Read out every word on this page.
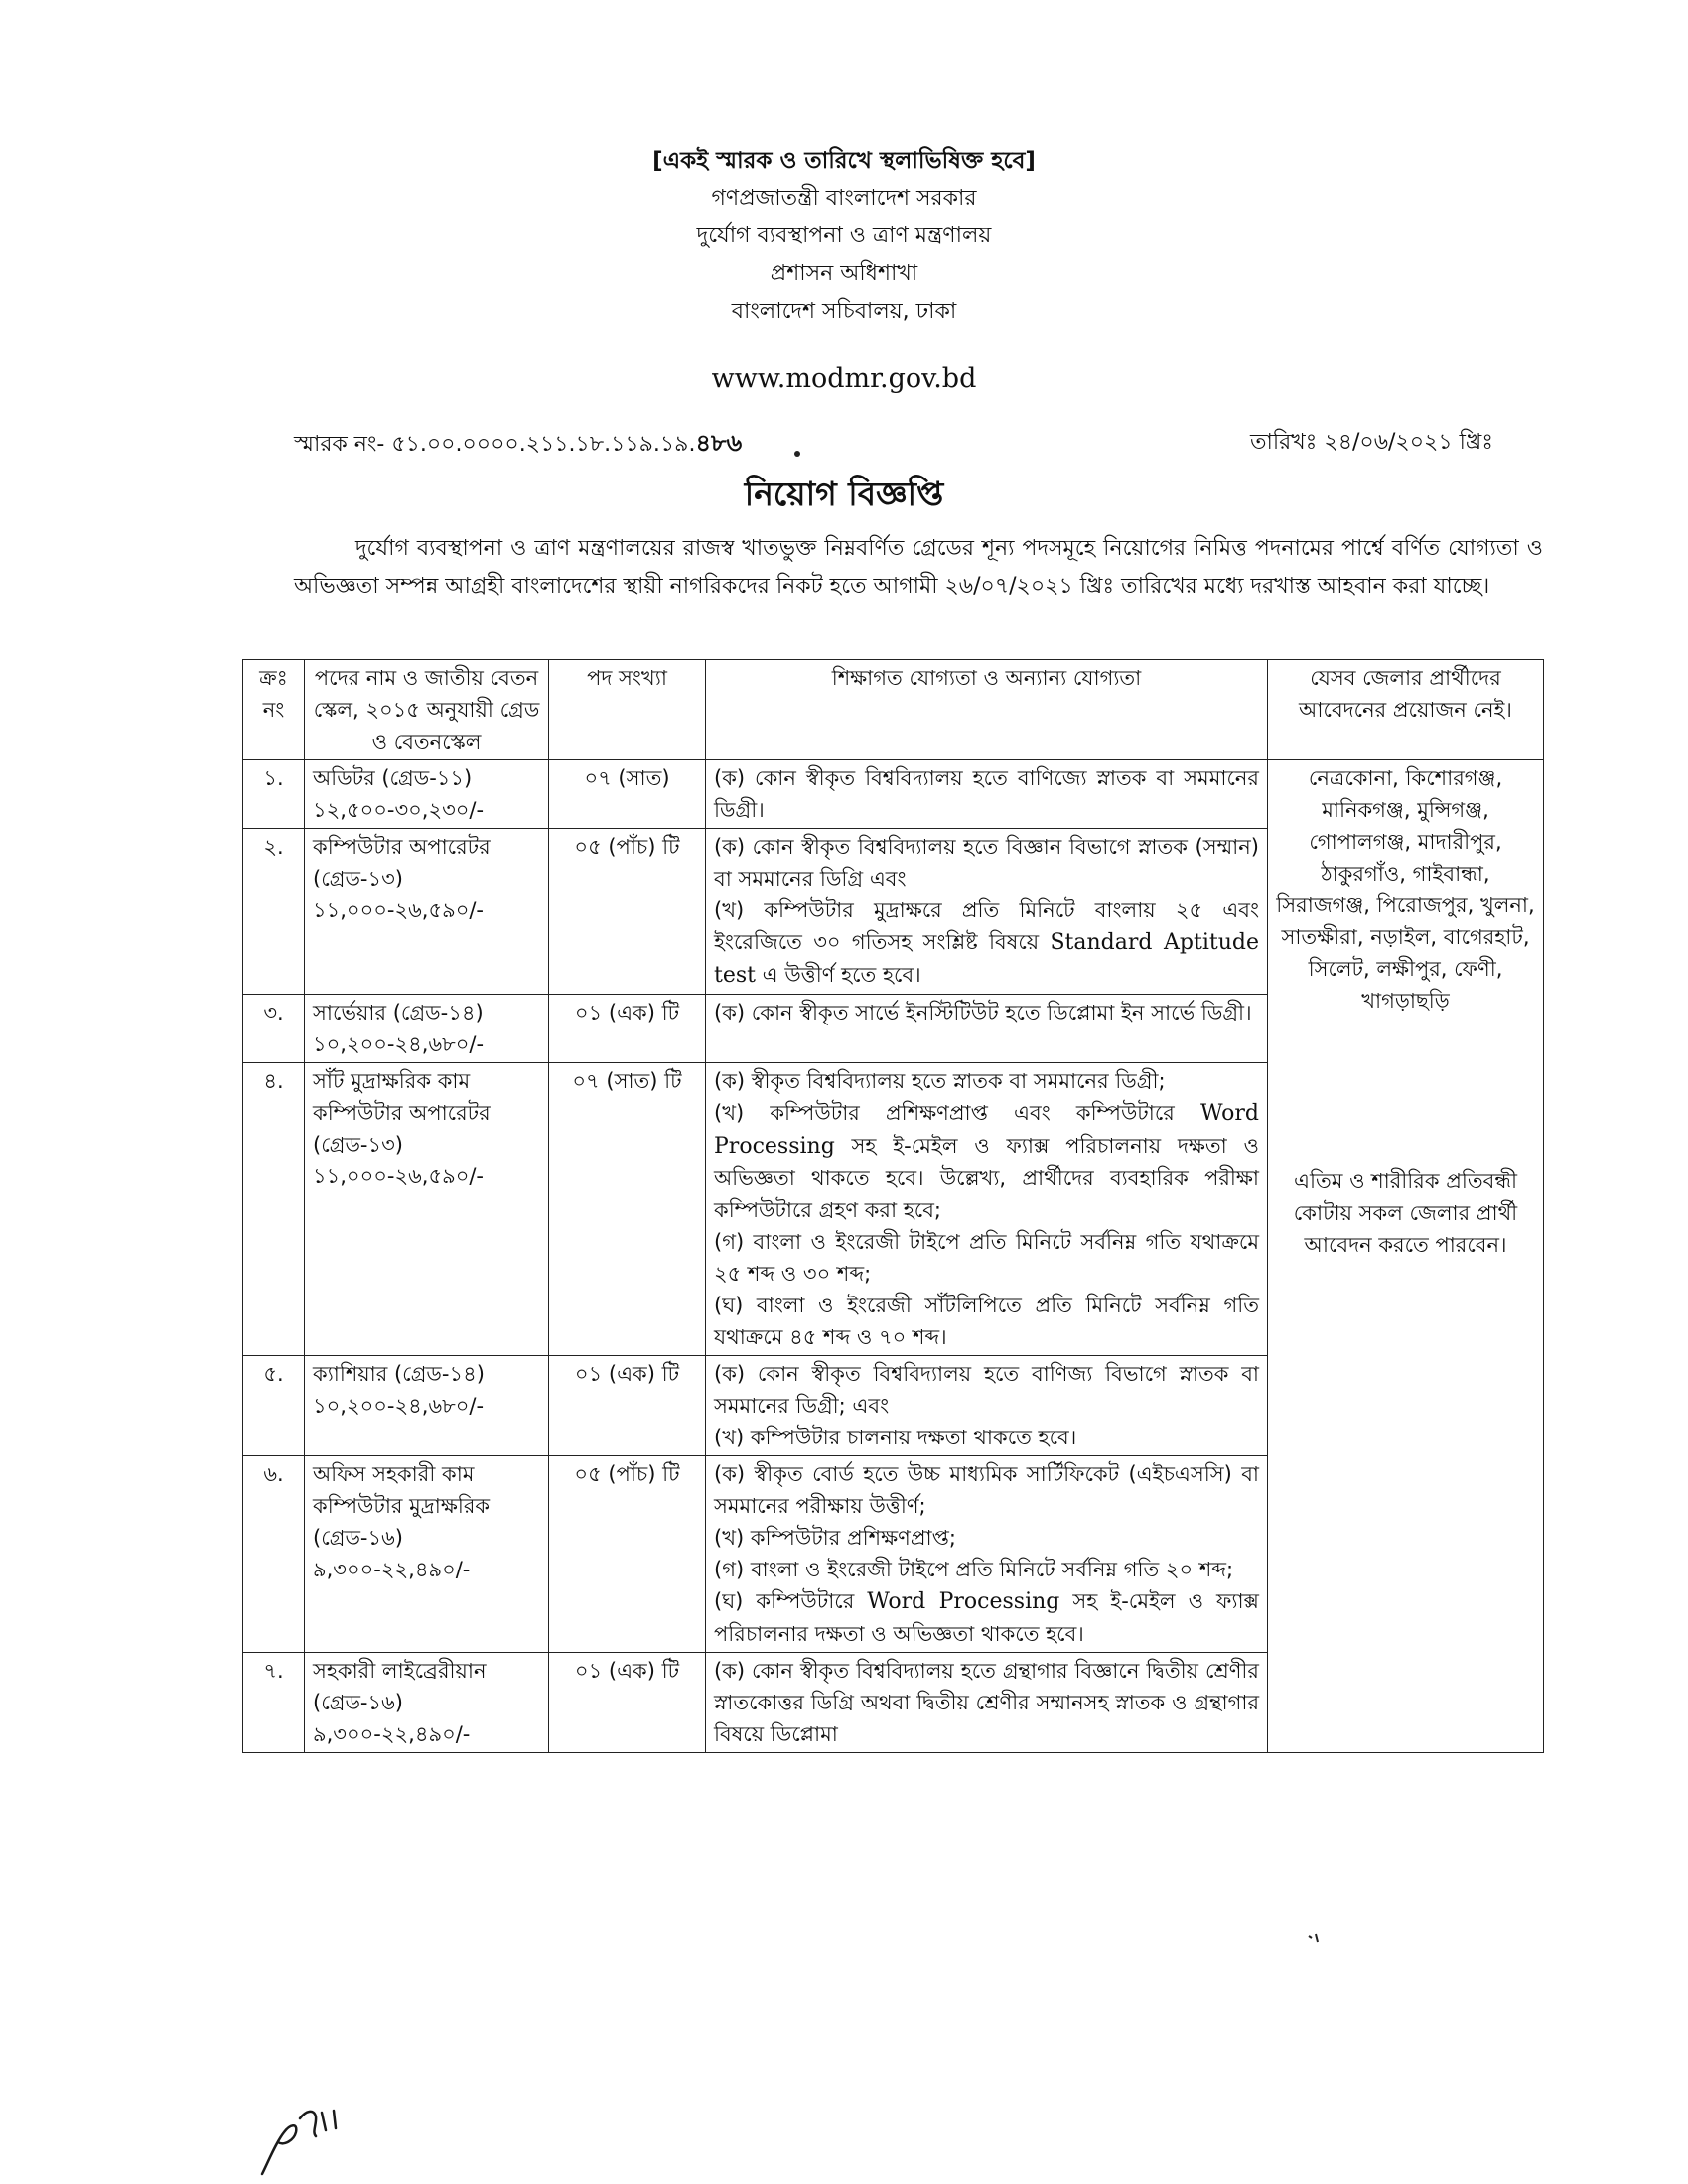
[একই স্মারক ও তারিখে স্থলাভিষিক্ত হবে]
গণপ্রজাতন্ত্রী বাংলাদেশ সরকার
দুর্যোগ ব্যবস্থাপনা ও ত্রাণ মন্ত্রণালয়
প্রশাসন অধিশাখা
বাংলাদেশ সচিবালয়, ঢাকা
www.modmr.gov.bd
স্মারক নং- ৫১.০০.০০০০.২১১.১৮.১১৯.১৯.৪৮৬	তারিখঃ ২৪/০৬/২০২১ খ্রিঃ
নিয়োগ বিজ্ঞপ্তি

দুর্যোগ ব্যবস্থাপনা ও ত্রাণ মন্ত্রণালয়ের রাজস্ব খাতভুক্ত নিম্নবর্ণিত গ্রেডের শূন্য পদসমূহে নিয়োগের নিমিত্ত পদনামের পার্শ্বে বর্ণিত যোগ্যতা ও অভিজ্ঞতা সম্পন্ন আগ্রহী বাংলাদেশের স্থায়ী নাগরিকদের নিকট হতে আগামী ২৬/০৭/২০২১ খ্রিঃ তারিখের মধ্যে দরখাস্ত আহবান করা যাচ্ছে।

ক্রঃ নং	পদের নাম ও জাতীয় বেতন স্কেল, ২০১৫ অনুযায়ী গ্রেড ও বেতনস্কেল	পদ সংখ্যা	শিক্ষাগত যোগ্যতা ও অন্যান্য যোগ্যতা	যেসব জেলার প্রার্থীদের আবেদনের প্রয়োজন নেই।
১.	অডিটর (গ্রেড-১১)
১২,৫০০-৩০,২৩০/-	০৭ (সাত)	(ক) কোন স্বীকৃত বিশ্ববিদ্যালয় হতে বাণিজ্যে স্নাতক বা সমমানের ডিগ্রী।	নেত্রকোনা, কিশোরগঞ্জ, মানিকগঞ্জ, মুন্সিগঞ্জ, গোপালগঞ্জ, মাদারীপুর, ঠাকুরগাঁও, গাইবান্ধা, সিরাজগঞ্জ, পিরোজপুর, খুলনা, সাতক্ষীরা, নড়াইল, বাগেরহাট, সিলেট, লক্ষীপুর, ফেণী, খাগড়াছড়ি
এতিম ও শারীরিক প্রতিবন্ধী কোটায় সকল জেলার প্রার্থী আবেদন করতে পারবেন।

২.	কম্পিউটার অপারেটর (গ্রেড-১৩)
১১,০০০-২৬,৫৯০/-	০৫ (পাঁচ) টি	(ক) কোন স্বীকৃত বিশ্ববিদ্যালয় হতে বিজ্ঞান বিভাগে স্নাতক (সম্মান) বা সমমানের ডিগ্রি এবং
(খ) কম্পিউটার মুদ্রাক্ষরে প্রতি মিনিটে বাংলায় ২৫ এবং ইংরেজিতে ৩০ গতিসহ সংশ্লিষ্ট বিষয়ে Standard Aptitude test এ উত্তীর্ণ হতে হবে।	

৩.	সার্ভেয়ার (গ্রেড-১৪)
১০,২০০-২৪,৬৮০/-	০১ (এক) টি	(ক) কোন স্বীকৃত সার্ভে ইনস্টিটিউট হতে ডিপ্লোমা ইন সার্ভে ডিগ্রী।	

৪.	সাঁট মুদ্রাক্ষরিক কাম কম্পিউটার অপারেটর (গ্রেড-১৩)
১১,০০০-২৬,৫৯০/-	০৭ (সাত) টি	(ক) স্বীকৃত বিশ্ববিদ্যালয় হতে স্নাতক বা সমমানের ডিগ্রী;
(খ) কম্পিউটার প্রশিক্ষণপ্রাপ্ত এবং কম্পিউটারে Word Processing সহ ই-মেইল ও ফ্যাক্স পরিচালনায় দক্ষতা ও অভিজ্ঞতা থাকতে হবে। উল্লেখ্য, প্রার্থীদের ব্যবহারিক পরীক্ষা কম্পিউটারে গ্রহণ করা হবে;
(গ) বাংলা ও ইংরেজী টাইপে প্রতি মিনিটে সর্বনিম্ন গতি যথাক্রমে ২৫ শব্দ ও ৩০ শব্দ;
(ঘ) বাংলা ও ইংরেজী সাঁটলিপিতে প্রতি মিনিটে সর্বনিম্ন গতি যথাক্রমে ৪৫ শব্দ ও ৭০ শব্দ।	

৫.	ক্যাশিয়ার (গ্রেড-১৪)
১০,২০০-২৪,৬৮০/-	০১ (এক) টি	(ক) কোন স্বীকৃত বিশ্ববিদ্যালয় হতে বাণিজ্য বিভাগে স্নাতক বা সমমানের ডিগ্রী; এবং
(খ) কম্পিউটার চালনায় দক্ষতা থাকতে হবে।	

৬.	অফিস সহকারী কাম কম্পিউটার মুদ্রাক্ষরিক (গ্রেড-১৬)
৯,৩০০-২২,৪৯০/-	০৫ (পাঁচ) টি	(ক) স্বীকৃত বোর্ড হতে উচ্চ মাধ্যমিক সার্টিফিকেট (এইচএসসি) বা সমমানের পরীক্ষায় উত্তীর্ণ;
(খ) কম্পিউটার প্রশিক্ষণপ্রাপ্ত;
(গ) বাংলা ও ইংরেজী টাইপে প্রতি মিনিটে সর্বনিম্ন গতি ২০ শব্দ;
(ঘ) কম্পিউটারে Word Processing সহ ই-মেইল ও ফ্যাক্স পরিচালনার দক্ষতা ও অভিজ্ঞতা থাকতে হবে।	

৭.	সহকারী লাইব্রেরীয়ান (গ্রেড-১৬)
৯,৩০০-২২,৪৯০/-	০১ (এক) টি	(ক) কোন স্বীকৃত বিশ্ববিদ্যালয় হতে গ্রন্থাগার বিজ্ঞানে দ্বিতীয় শ্রেণীর স্নাতকোত্তর ডিগ্রি অথবা দ্বিতীয় শ্রেণীর সম্মানসহ স্নাতক ও গ্রন্থাগার বিষয়ে ডিপ্লোমা	
